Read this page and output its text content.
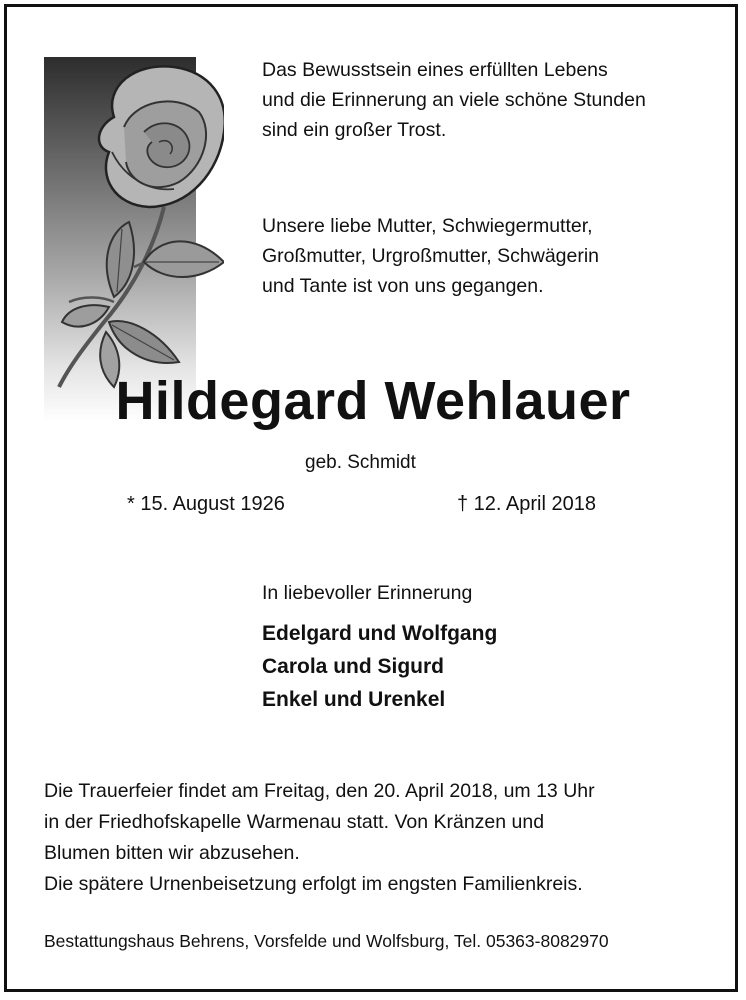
Das Bewusstsein eines erfüllten Lebens
und die Erinnerung an viele schöne Stunden
sind ein großer Trost.
Unsere liebe Mutter, Schwiegermutter,
Großmutter, Urgroßmutter, Schwägerin
und Tante ist von uns gegangen.
Hildegard Wehlauer
geb. Schmidt
* 15. August 1926	† 12. April 2018
In liebevoller Erinnerung
Edelgard und Wolfgang
Carola und Sigurd
Enkel und Urenkel
Die Trauerfeier findet am Freitag, den 20. April 2018, um 13 Uhr
in der Friedhofskapelle Warmenau statt. Von Kränzen und
Blumen bitten wir abzusehen.
Die spätere Urnenbeisetzung erfolgt im engsten Familienkreis.
Bestattungshaus Behrens, Vorsfelde und Wolfsburg, Tel. 05363-8082970
